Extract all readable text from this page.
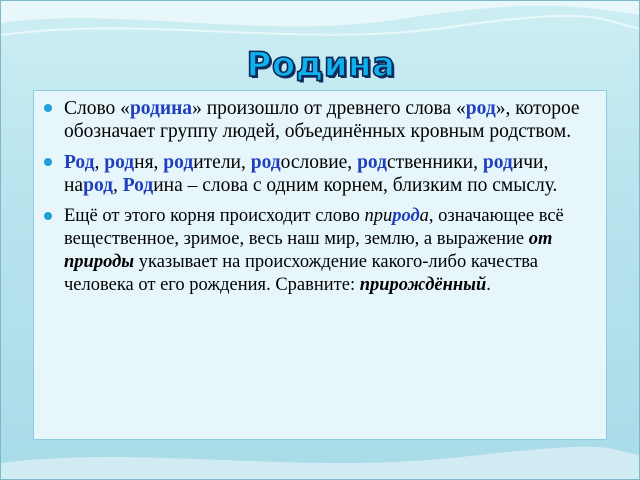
Родина
Слово «родина» произошло от древнего слова «род», которое обозначает группу людей, объединённых кровным родством.
Род, родня, родители, родословие, родственники, родичи, народ, Родина – слова с одним корнем, близким по смыслу.
Ещё от этого корня происходит слово природа, означающее всё вещественное, зримое, весь наш мир, землю, а выражение от природы указывает на происхождение какого-либо качества человека от его рождения. Сравните: прирождённый.
